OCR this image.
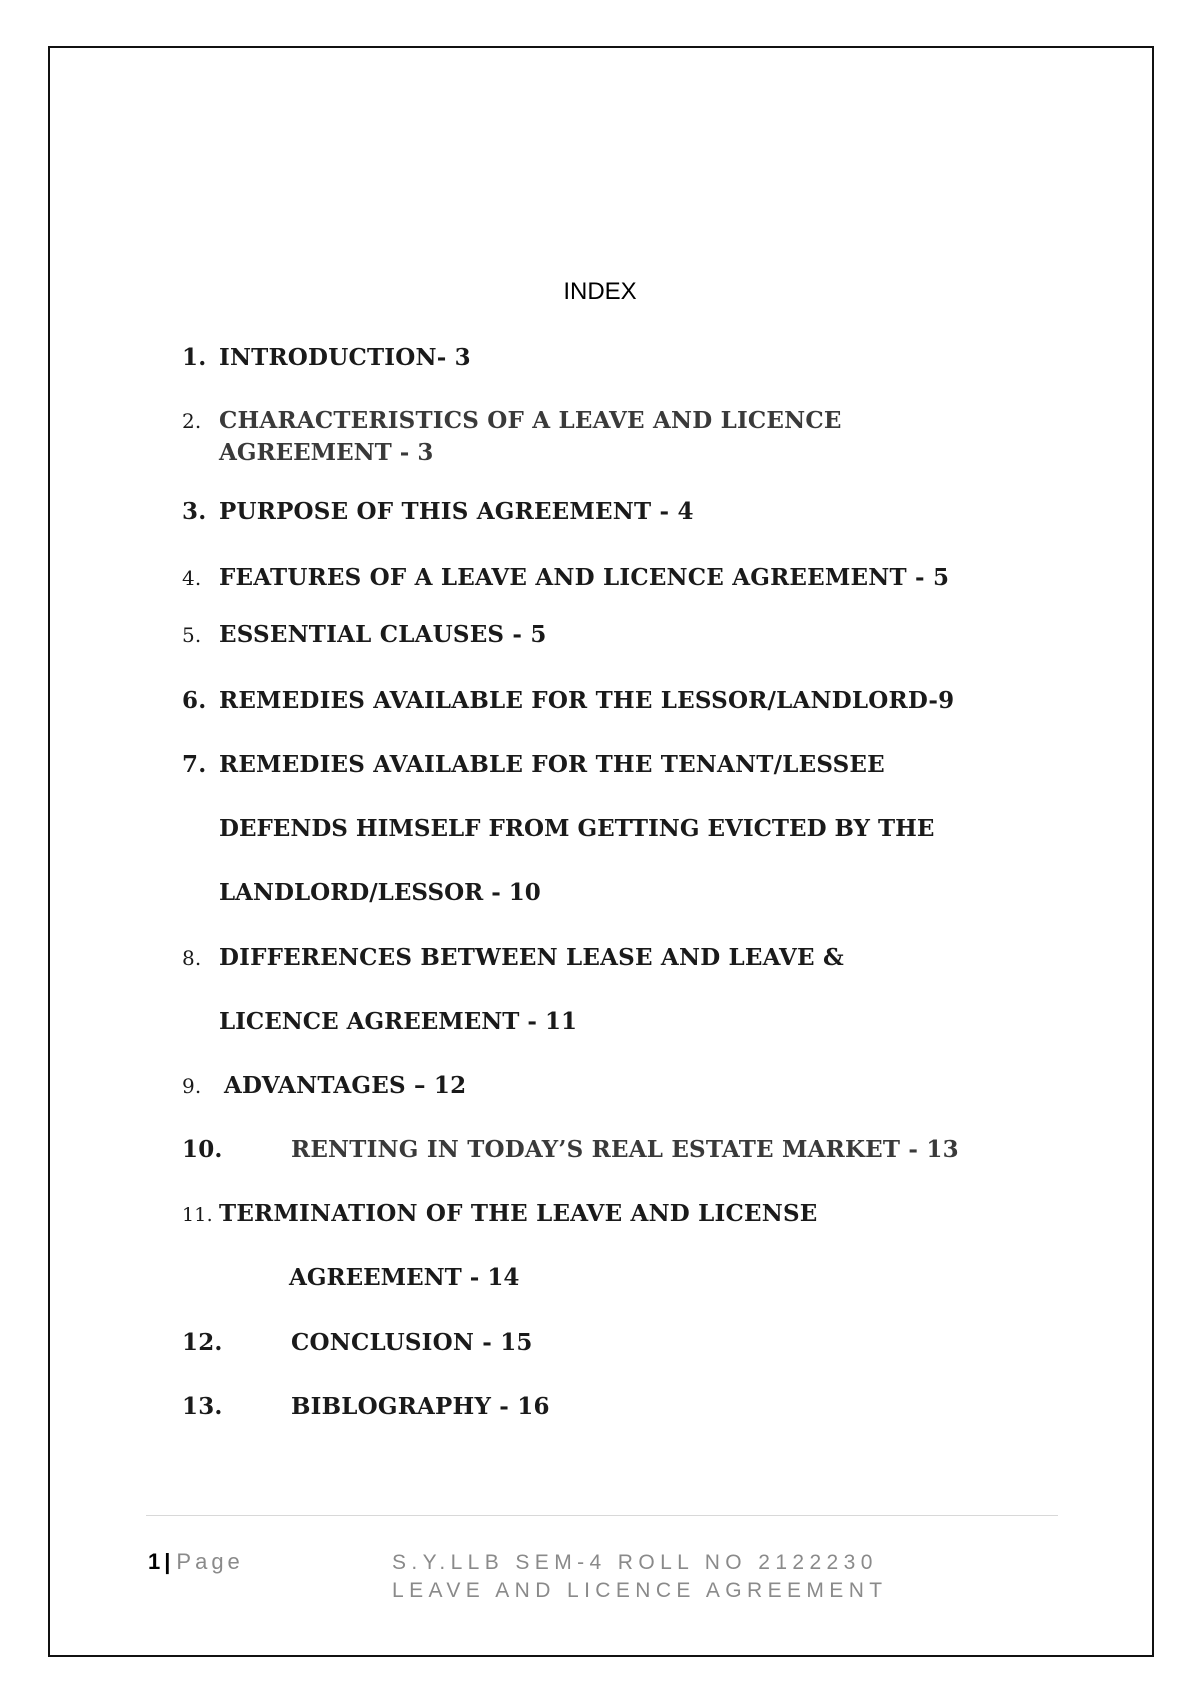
INDEX
1. INTRODUCTION- 3
2. CHARACTERISTICS OF A LEAVE AND LICENCE
AGREEMENT - 3
3. PURPOSE OF THIS AGREEMENT - 4
4. FEATURES OF A LEAVE AND LICENCE AGREEMENT - 5
5. ESSENTIAL CLAUSES - 5
6. REMEDIES AVAILABLE FOR THE LESSOR/LANDLORD-9
7. REMEDIES AVAILABLE FOR THE TENANT/LESSEE
DEFENDS HIMSELF FROM GETTING EVICTED BY THE
LANDLORD/LESSOR - 10
8. DIFFERENCES BETWEEN LEASE AND LEAVE &
LICENCE AGREEMENT - 11
9. ADVANTAGES – 12
10.	RENTING IN TODAY’S REAL ESTATE MARKET - 13
11. TERMINATION OF THE LEAVE AND LICENSE
AGREEMENT - 14
12.	CONCLUSION - 15
13.	BIBLOGRAPHY - 16
1 | Page	S.Y.LLB SEM-4 ROLL NO 2122230
LEAVE AND LICENCE AGREEMENT
